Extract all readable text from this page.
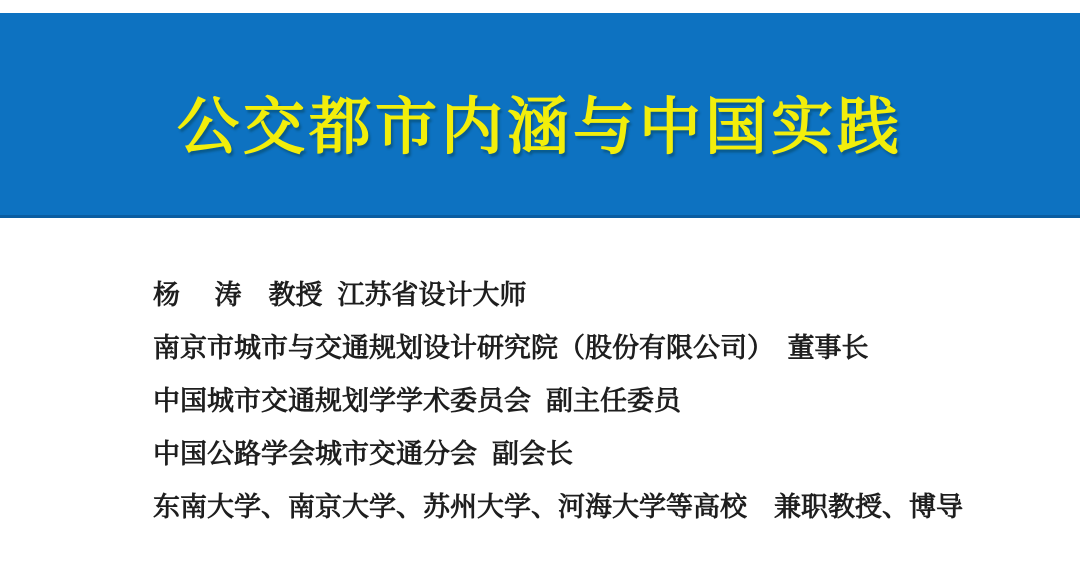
公交都市内涵与中国实践
杨　 涛　教授  江苏省设计大师
南京市城市与交通规划设计研究院（股份有限公司）　董事长
中国城市交通规划学学术委员会  副主任委员
中国公路学会城市交通分会  副会长
东南大学、南京大学、苏州大学、河海大学等高校　兼职教授、博导
